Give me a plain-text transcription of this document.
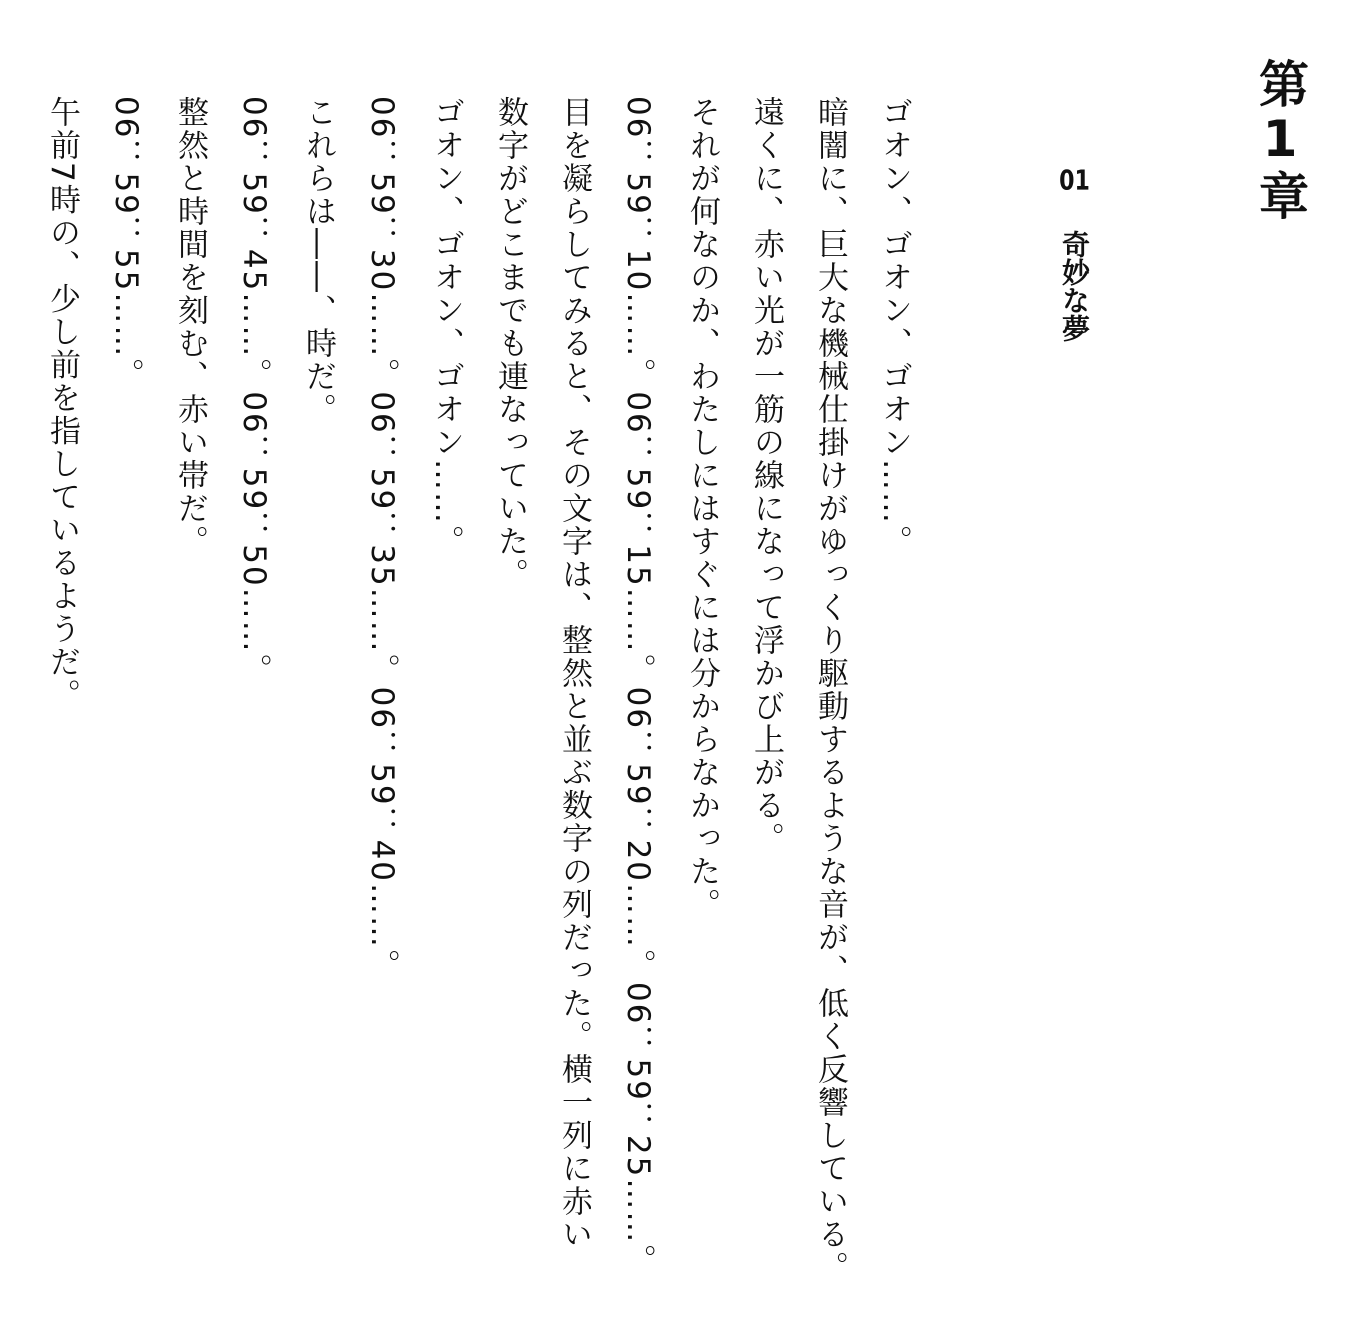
第1章
01奇妙な夢

ゴオン、ゴオン、ゴオン……。

暗闇に、巨大な機械仕掛けがゆっくり駆動するような音が、低く反響している。

遠くに、赤い光が一筋の線になって浮かび上がる。

それが何なのか、わたしにはすぐには分からなかった。

06：59：10……。06：59：15……。06：59：20……。06：59：25……。

目を凝らしてみると、その文字は、整然と並ぶ数字の列だった。横一列に赤い

数字がどこまでも連なっていた。

ゴオン、ゴオン、ゴオン……。

06：59：30……。06：59：35……。06：59：40……。

これらは――、時だ。

06：59：45……。06：59：50……。

整然と時間を刻む、赤い帯だ。

06：59：55……。

午前7時の、少し前を指しているようだ。
